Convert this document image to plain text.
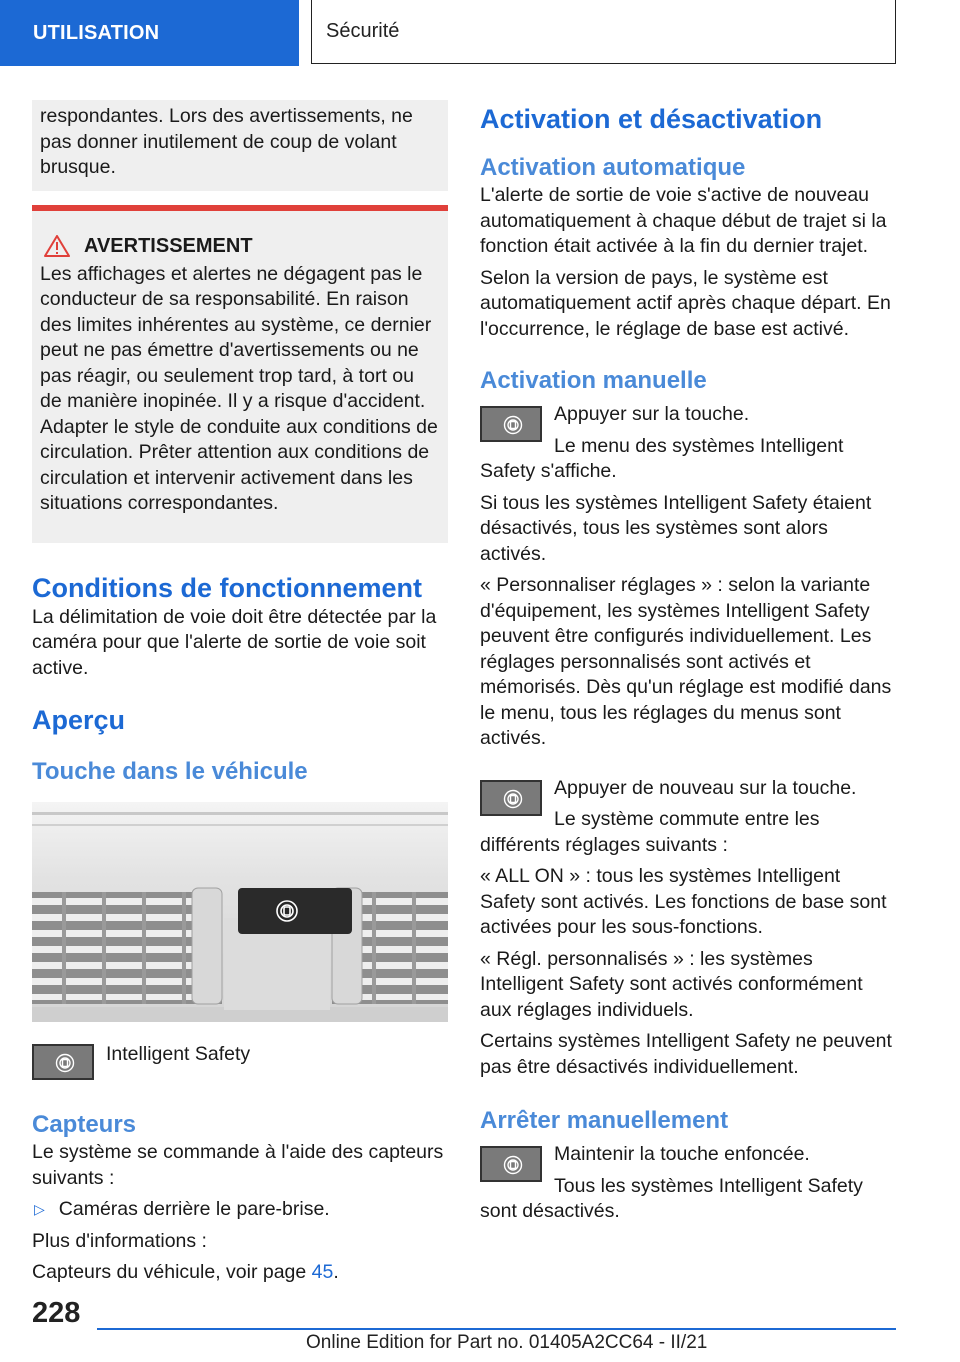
UTILISATION	Sécurité

respondantes. Lors des avertissements, ne pas donner inutilement de coup de volant brusque.

AVERTISSEMENT

Les affichages et alertes ne dégagent pas le conducteur de sa responsabilité. En raison des limites inhérentes au système, ce dernier peut ne pas émettre d'avertissements ou ne pas réagir, ou seulement trop tard, à tort ou de manière inopinée. Il y a risque d'accident. Adapter le style de conduite aux conditions de circulation. Prêter attention aux conditions de circulation et intervenir activement dans les situations correspondantes.

Conditions de fonctionnement

La délimitation de voie doit être détectée par la caméra pour que l'alerte de sortie de voie soit active.

Aperçu
Touche dans le véhicule

Intelligent Safety

Capteurs

Le système se commande à l'aide des capteurs suivants :

▷ Caméras derrière le pare-brise.

Plus d'informations :

Capteurs du véhicule, voir page 45.

Activation et désactivation
Activation automatique

L'alerte de sortie de voie s'active de nouveau automatiquement à chaque début de trajet si la fonction était activée à la fin du dernier trajet.

Selon la version de pays, le système est automatiquement actif après chaque départ. En l'occurrence, le réglage de base est activé.

Activation manuelle

Appuyer sur la touche.

Le menu des systèmes Intelligent Safety s'affiche.

Si tous les systèmes Intelligent Safety étaient désactivés, tous les systèmes sont alors activés.

« Personnaliser réglages » : selon la variante d'équipement, les systèmes Intelligent Safety peuvent être configurés individuellement. Les réglages personnalisés sont activés et mémorisés. Dès qu'un réglage est modifié dans le menu, tous les réglages du menus sont activés.

Appuyer de nouveau sur la touche.

Le système commute entre les différents réglages suivants :

« ALL ON » : tous les systèmes Intelligent Safety sont activés. Les fonctions de base sont activées pour les sous-fonctions.

« Régl. personnalisés » : les systèmes Intelligent Safety sont activés conformément aux réglages individuels.

Certains systèmes Intelligent Safety ne peuvent pas être désactivés individuellement.

Arrêter manuellement

Maintenir la touche enfoncée.

Tous les systèmes Intelligent Safety sont désactivés.

228
Online Edition for Part no. 01405A2CC64 - II/21
